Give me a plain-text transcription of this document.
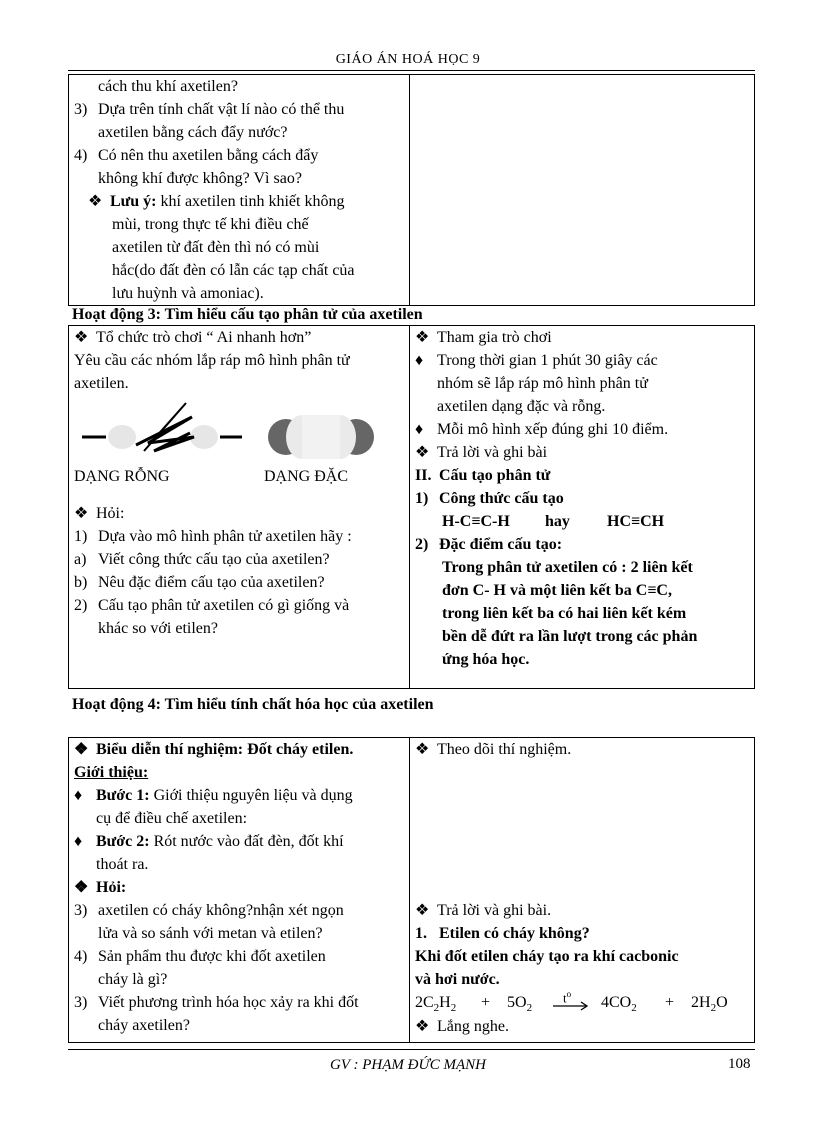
GIÁO ÁN HOÁ HỌC 9
cách thu khí axetilen?
3) Dựa trên tính chất vật lí nào có thể thu
axetilen bằng cách đẩy nước?
4) Có nên thu axetilen bằng cách đẩy
không khí được không? Vì sao?
❖ Lưu ý: khí axetilen tinh khiết không
mùi, trong thực tế khi điều chế
axetilen từ đất đèn thì nó có mùi
hắc(do đất đèn có lẫn các tạp chất của
lưu huỳnh và amoniac).

Hoạt động 3: Tìm hiểu cấu tạo phân tử của axetilen
❖ Tổ chức trò chơi “ Ai nhanh hơn”
Yêu cầu các nhóm lắp ráp mô hình phân tử
axetilen.
DẠNG RỖNG	DẠNG ĐẶC
❖ Hỏi:
1) Dựa vào mô hình phân tử axetilen hãy :
a) Viết công thức cấu tạo của axetilen?
b) Nêu đặc điểm cấu tạo của axetilen?
2) Cấu tạo phân tử axetilen có gì giống và
khác so với etilen?

❖ Tham gia trò chơi
♦ Trong thời gian 1 phút 30 giây các
nhóm sẽ lắp ráp mô hình phân tử
axetilen dạng đặc và rỗng.
♦ Mỗi mô hình xếp đúng ghi 10 điểm.
❖ Trả lời và ghi bài
II. Cấu tạo phân tử
1) Công thức cấu tạo
H-C≡C-H hay HC≡CH
2) Đặc điểm cấu tạo:
Trong phân tử axetilen có : 2 liên kết
đơn C- H và một liên kết ba C≡C,
trong liên kết ba có hai liên kết kém
bền dễ đứt ra lần lượt trong các phản
ứng hóa học.
Hoạt động 4: Tìm hiểu tính chất hóa học của axetilen
❖ Biểu diễn thí nghiệm: Đốt cháy etilen.
Giới thiệu:
♦ Bước 1: Giới thiệu nguyên liệu và dụng
cụ để điều chế axetilen:
♦ Bước 2: Rót nước vào đất đèn, đốt khí
thoát ra.
❖ Hỏi:
3) axetilen có cháy không?nhận xét ngọn
lửa và so sánh với metan và etilen?
4) Sản phẩm thu được khi đốt axetilen
cháy là gì?
3) Viết phương trình hóa học xảy ra khi đốt
cháy axetilen?

❖ Theo dõi thí nghiệm.
❖ Trả lời và ghi bài.
1. Etilen có cháy không?
Khi đốt etilen cháy tạo ra khí cacbonic
và hơi nước.
$2C_2H_2 + 5O_2$
$t^o \to 4CO_2 + 2H_2O$
❖ Lắng nghe.
GV : PHẠM ĐỨC MẠNH	108
